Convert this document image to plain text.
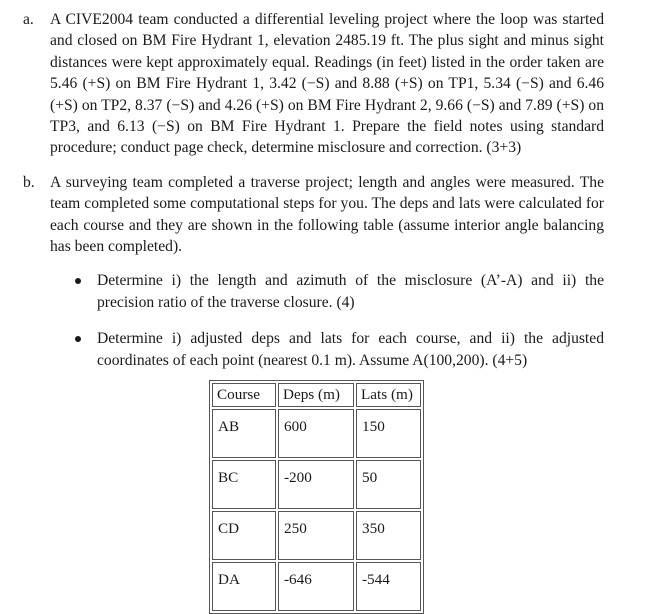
a. A CIVE2004 team conducted a differential leveling project where the loop was started and closed on BM Fire Hydrant 1, elevation 2485.19 ft. The plus sight and minus sight distances were kept approximately equal. Readings (in feet) listed in the order taken are 5.46 (+S) on BM Fire Hydrant 1, 3.42 (−S) and 8.88 (+S) on TP1, 5.34 (−S) and 6.46 (+S) on TP2, 8.37 (−S) and 4.26 (+S) on BM Fire Hydrant 2, 9.66 (−S) and 7.89 (+S) on TP3, and 6.13 (−S) on BM Fire Hydrant 1. Prepare the field notes using standard procedure; conduct page check, determine misclosure and correction. (3+3)
b. A surveying team completed a traverse project; length and angles were measured. The team completed some computational steps for you. The deps and lats were calculated for each course and they are shown in the following table (assume interior angle balancing has been completed).
Determine i) the length and azimuth of the misclosure (A’-A) and ii) the precision ratio of the traverse closure. (4)
Determine i) adjusted deps and lats for each course, and ii) the adjusted coordinates of each point (nearest 0.1 m). Assume A(100,200). (4+5)
Course	Deps (m)	Lats (m)
AB	600	150
BC	-200	50
CD	250	350
DA	-646	-544
